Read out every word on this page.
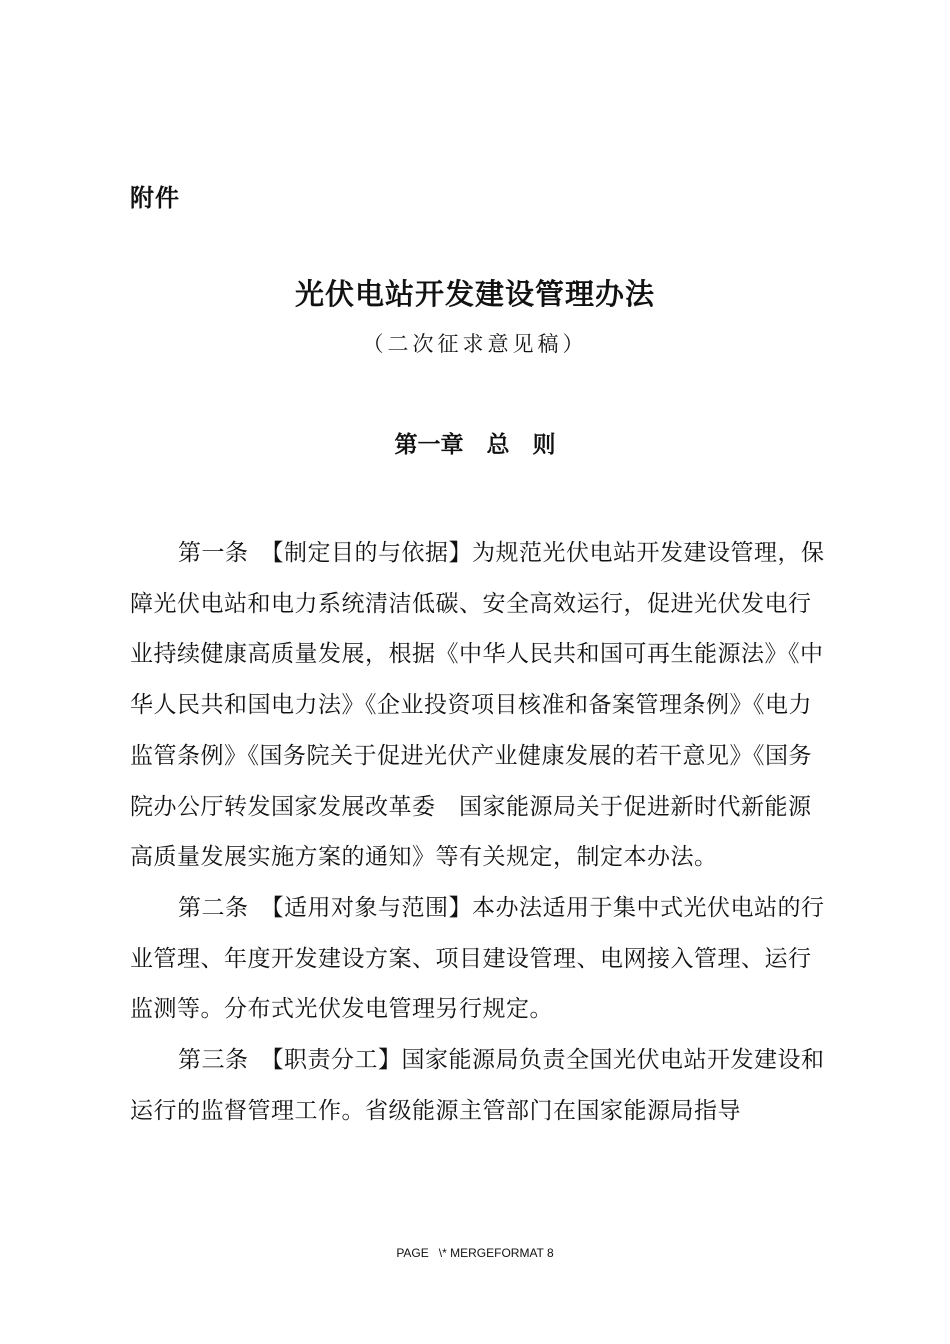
附件
光伏电站开发建设管理办法
（二次征求意见稿）
第一章　总　则

第一条　【制定目的与依据】为规范光伏电站开发建设管理，保障光伏电站和电力系统清洁低碳、安全高效运行，促进光伏发电行业持续健康高质量发展，根据《中华人民共和国可再生能源法》《中华人民共和国电力法》《企业投资项目核准和备案管理条例》《电力监管条例》《国务院关于促进光伏产业健康发展的若干意见》《国务院办公厅转发国家发展改革委　国家能源局关于促进新时代新能源高质量发展实施方案的通知》等有关规定，制定本办法。

第二条　【适用对象与范围】本办法适用于集中式光伏电站的行业管理、年度开发建设方案、项目建设管理、电网接入管理、运行监测等。分布式光伏发电管理另行规定。

第三条　【职责分工】国家能源局负责全国光伏电站开发建设和运行的监督管理工作。省级能源主管部门在国家能源局指导

PAGE   \* MERGEFORMAT 8
